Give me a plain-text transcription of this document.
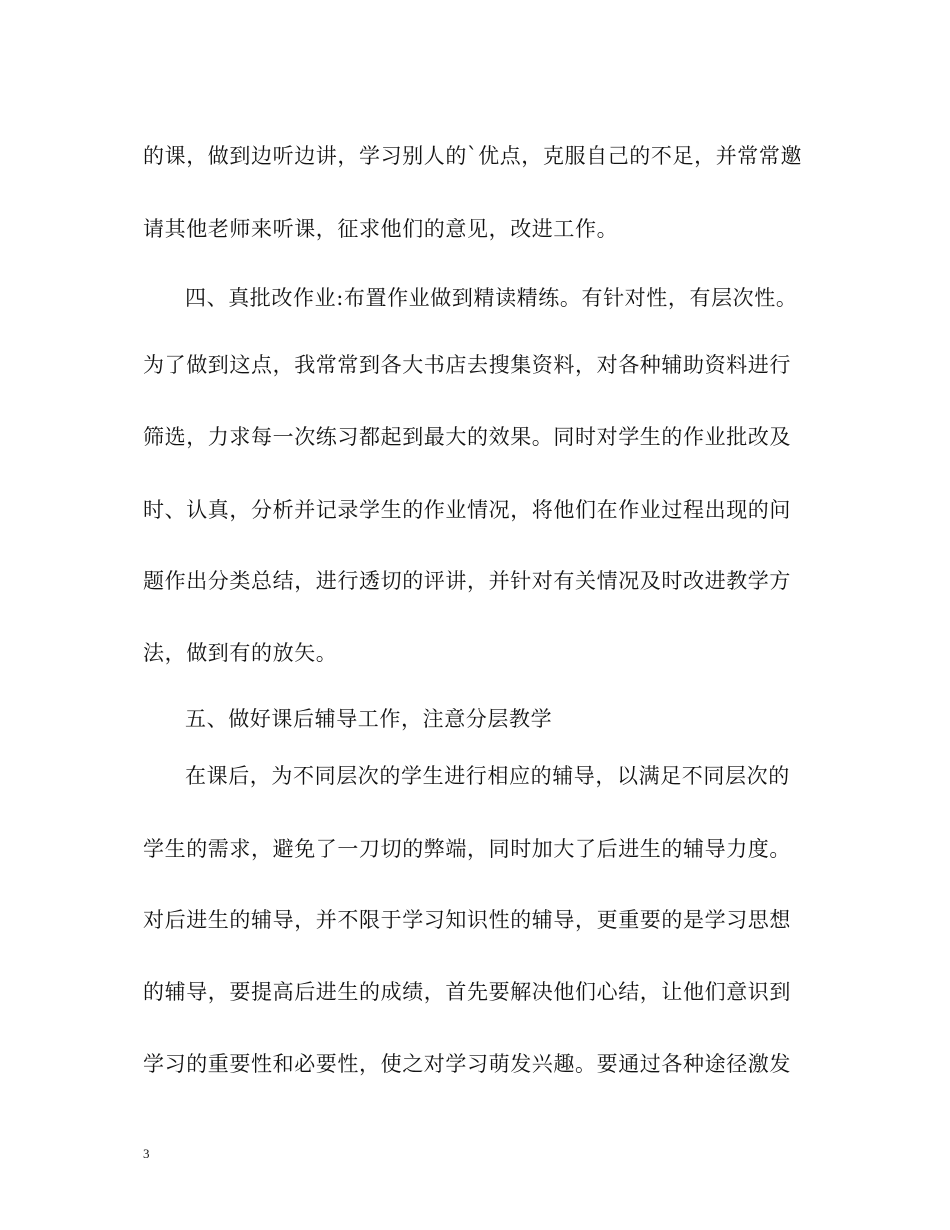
的课，做到边听边讲，学习别人的`优点，克服自己的不足，并常常邀
请其他老师来听课，征求他们的意见，改进工作。
四、真批改作业:布置作业做到精读精练。有针对性，有层次性。
为了做到这点，我常常到各大书店去搜集资料，对各种辅助资料进行
筛选，力求每一次练习都起到最大的效果。同时对学生的作业批改及
时、认真，分析并记录学生的作业情况，将他们在作业过程出现的问
题作出分类总结，进行透切的评讲，并针对有关情况及时改进教学方
法，做到有的放矢。
五、做好课后辅导工作，注意分层教学
在课后，为不同层次的学生进行相应的辅导，以满足不同层次的
学生的需求，避免了一刀切的弊端，同时加大了后进生的辅导力度。
对后进生的辅导，并不限于学习知识性的辅导，更重要的是学习思想
的辅导，要提高后进生的成绩，首先要解决他们心结，让他们意识到
学习的重要性和必要性，使之对学习萌发兴趣。要通过各种途径激发
3
